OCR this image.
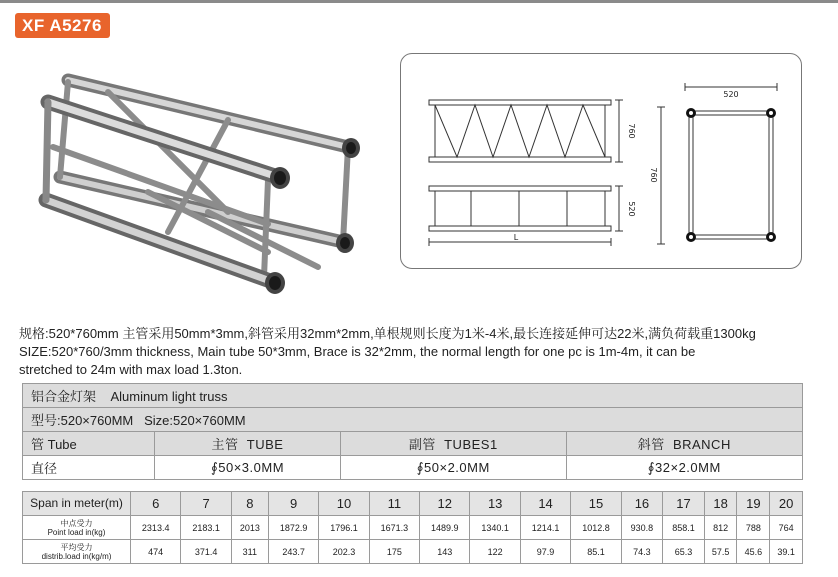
XF A5276
520
760
760
520
L
规格:520*760mm 主管采用50mm*3mm,斜管采用32mm*2mm,单根规则长度为1米-4米,最长连接延伸可达22米,满负荷载重1300kg
SIZE:520*760/3mm thickness, Main tube 50*3mm, Brace is 32*2mm, the normal length for one pc is 1m-4m, it can be
stretched to 24m with max load 1.3ton.
铝合金灯架    Aluminum light truss			
型号:520×760MM   Size:520×760MM			
管 Tube	主管  TUBE	副管  TUBES1	斜管  BRANCH
直径	∮50×3.0MM	∮50×2.0MM	∮32×2.0MM
Span in meter(m)	6	7	8	9	10	11	12	13	14	15	16	17	18	19	20

中点受力
Point load in(kg)	2313.4	2183.1	2013	1872.9	1796.1	1671.3	1489.9	1340.1	1214.1	1012.8	930.8	858.1	812	788	764

平均受力
distrib.load in(kg/m)	474	371.4	311	243.7	202.3	175	143	122	97.9	85.1	74.3	65.3	57.5	45.6	39.1
